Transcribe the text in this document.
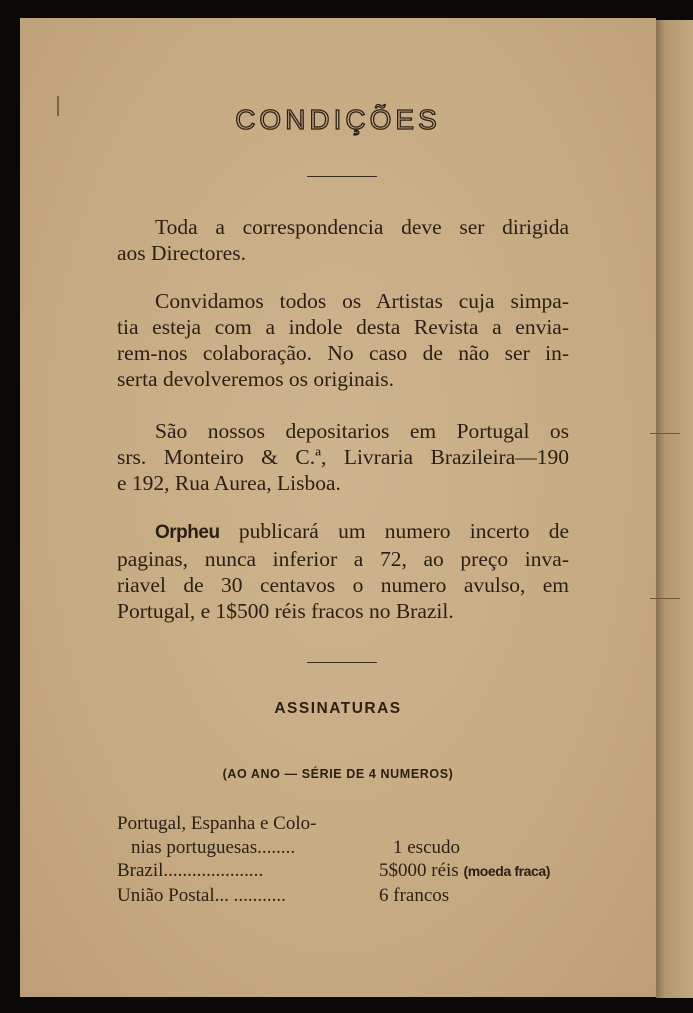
CONDIÇÕES
Toda a correspondencia deve ser dirigida
aos Directores.
Convidamos todos os Artistas cuja simpa-
tia esteja com a indole desta Revista a envia-
rem-nos colaboração. No caso de não ser in-
serta devolveremos os originais.
São nossos depositarios em Portugal os
srs. Monteiro & C.ª, Livraria Brazileira—190
e 192, Rua Aurea, Lisboa.
Orpheu publicará um numero incerto de
paginas, nunca inferior a 72, ao preço inva-
riavel de 30 centavos o numero avulso, em
Portugal, e 1$500 réis fracos no Brazil.
ASSINATURAS
(AO ANO — SÉRIE DE 4 NUMEROS)
Portugal, Espanha e Colo-
nias portuguesas........	1 escudo
Brazil.....................	5$000 réis (moeda fraca)
União Postal... ...........	6 francos
